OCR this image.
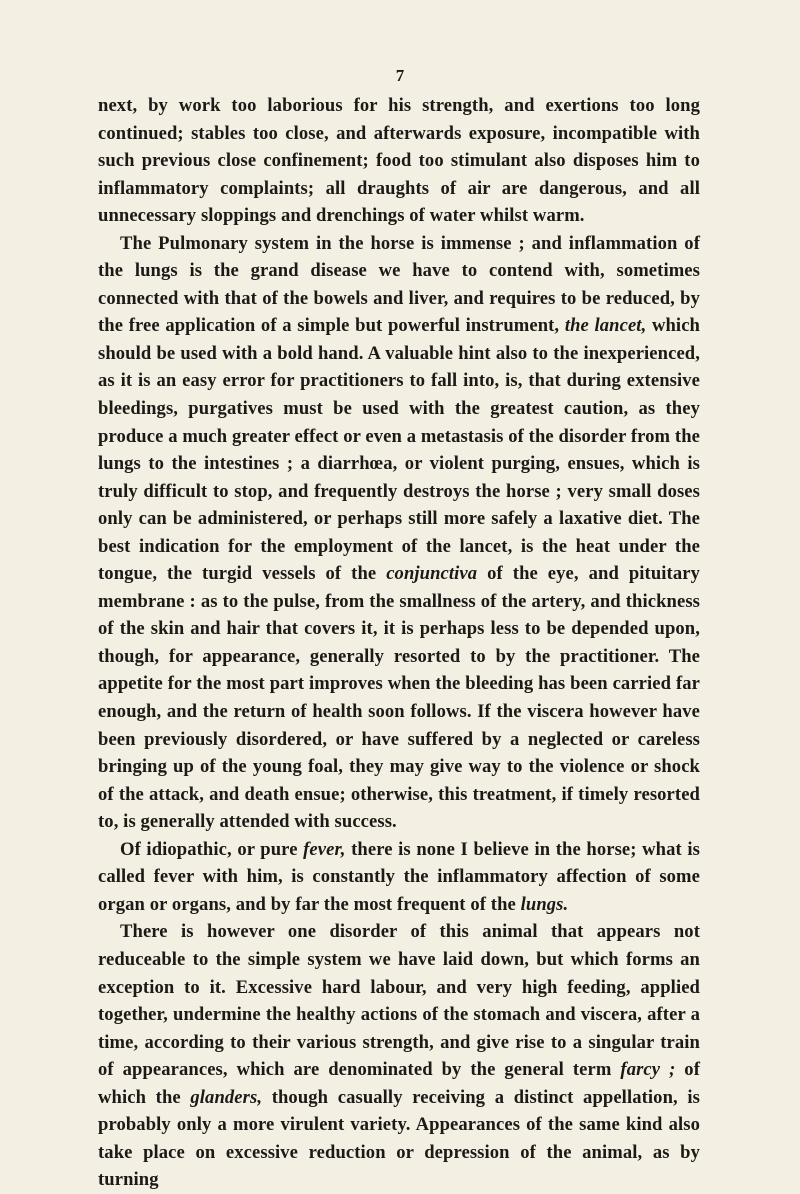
7

next, by work too laborious for his strength, and exertions too long continued; stables too close, and afterwards exposure, incompatible with such previous close confinement; food too stimulant also disposes him to inflammatory complaints; all draughts of air are dangerous, and all unnecessary sloppings and drenchings of water whilst warm.

The Pulmonary system in the horse is immense ; and inflammation of the lungs is the grand disease we have to contend with, sometimes connected with that of the bowels and liver, and requires to be reduced, by the free application of a simple but powerful instrument, the lancet, which should be used with a bold hand. A valuable hint also to the inexperienced, as it is an easy error for practitioners to fall into, is, that during extensive bleedings, purgatives must be used with the greatest caution, as they produce a much greater effect or even a metastasis of the disorder from the lungs to the intestines ; a diarrhœa, or violent purging, ensues, which is truly difficult to stop, and frequently destroys the horse ; very small doses only can be administered, or perhaps still more safely a laxative diet. The best indication for the employment of the lancet, is the heat under the tongue, the turgid vessels of the conjunctiva of the eye, and pituitary membrane : as to the pulse, from the smallness of the artery, and thickness of the skin and hair that covers it, it is perhaps less to be depended upon, though, for appearance, generally resorted to by the practitioner. The appetite for the most part improves when the bleeding has been carried far enough, and the return of health soon follows. If the viscera however have been previously disordered, or have suffered by a neglected or careless bringing up of the young foal, they may give way to the violence or shock of the attack, and death ensue; otherwise, this treatment, if timely resorted to, is generally attended with success.

Of idiopathic, or pure fever, there is none I believe in the horse; what is called fever with him, is constantly the inflammatory affection of some organ or organs, and by far the most frequent of the lungs.

There is however one disorder of this animal that appears not reduceable to the simple system we have laid down, but which forms an exception to it. Excessive hard labour, and very high feeding, applied together, undermine the healthy actions of the stomach and viscera, after a time, according to their various strength, and give rise to a singular train of appearances, which are denominated by the general term farcy ; of which the glanders, though casually receiving a distinct appellation, is probably only a more virulent variety. Appearances of the same kind also take place on excessive reduction or depression of the animal, as by turning
